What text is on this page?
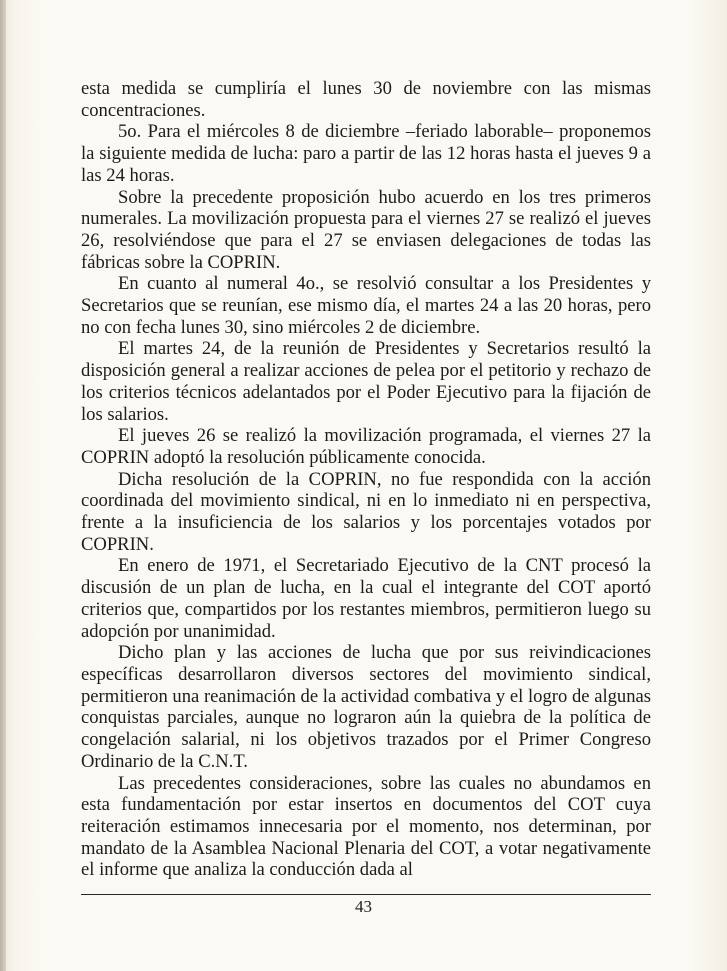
esta medida se cumpliría el lunes 30 de noviembre con las mismas concentraciones.

5o. Para el miércoles 8 de diciembre –feriado laborable– proponemos la siguiente medida de lucha: paro a partir de las 12 horas hasta el jueves 9 a las 24 horas.

Sobre la precedente proposición hubo acuerdo en los tres primeros numerales. La movilización propuesta para el viernes 27 se realizó el jueves 26, resolviéndose que para el 27 se enviasen delegaciones de todas las fábricas sobre la COPRIN.

En cuanto al numeral 4o., se resolvió consultar a los Presidentes y Secretarios que se reunían, ese mismo día, el martes 24 a las 20 horas, pero no con fecha lunes 30, sino miércoles 2 de diciembre.

El martes 24, de la reunión de Presidentes y Secretarios resultó la disposición general a realizar acciones de pelea por el petitorio y rechazo de los criterios técnicos adelantados por el Poder Ejecutivo para la fijación de los salarios.

El jueves 26 se realizó la movilización programada, el viernes 27 la COPRIN adoptó la resolución públicamente conocida.

Dicha resolución de la COPRIN, no fue respondida con la acción coordinada del movimiento sindical, ni en lo inmediato ni en perspectiva, frente a la insuficiencia de los salarios y los porcentajes votados por COPRIN.

En enero de 1971, el Secretariado Ejecutivo de la CNT procesó la discusión de un plan de lucha, en la cual el integrante del COT aportó criterios que, compartidos por los restantes miembros, permitieron luego su adopción por unanimidad.

Dicho plan y las acciones de lucha que por sus reivindicaciones específicas desarrollaron diversos sectores del movimiento sindical, permitieron una reanimación de la actividad combativa y el logro de algunas conquistas parciales, aunque no lograron aún la quiebra de la política de congelación salarial, ni los objetivos trazados por el Primer Congreso Ordinario de la C.N.T.

Las precedentes consideraciones, sobre las cuales no abundamos en esta fundamentación por estar insertos en documentos del COT cuya reiteración estimamos innecesaria por el momento, nos determinan, por mandato de la Asamblea Nacional Plenaria del COT, a votar negativamente el informe que analiza la conducción dada al

43
